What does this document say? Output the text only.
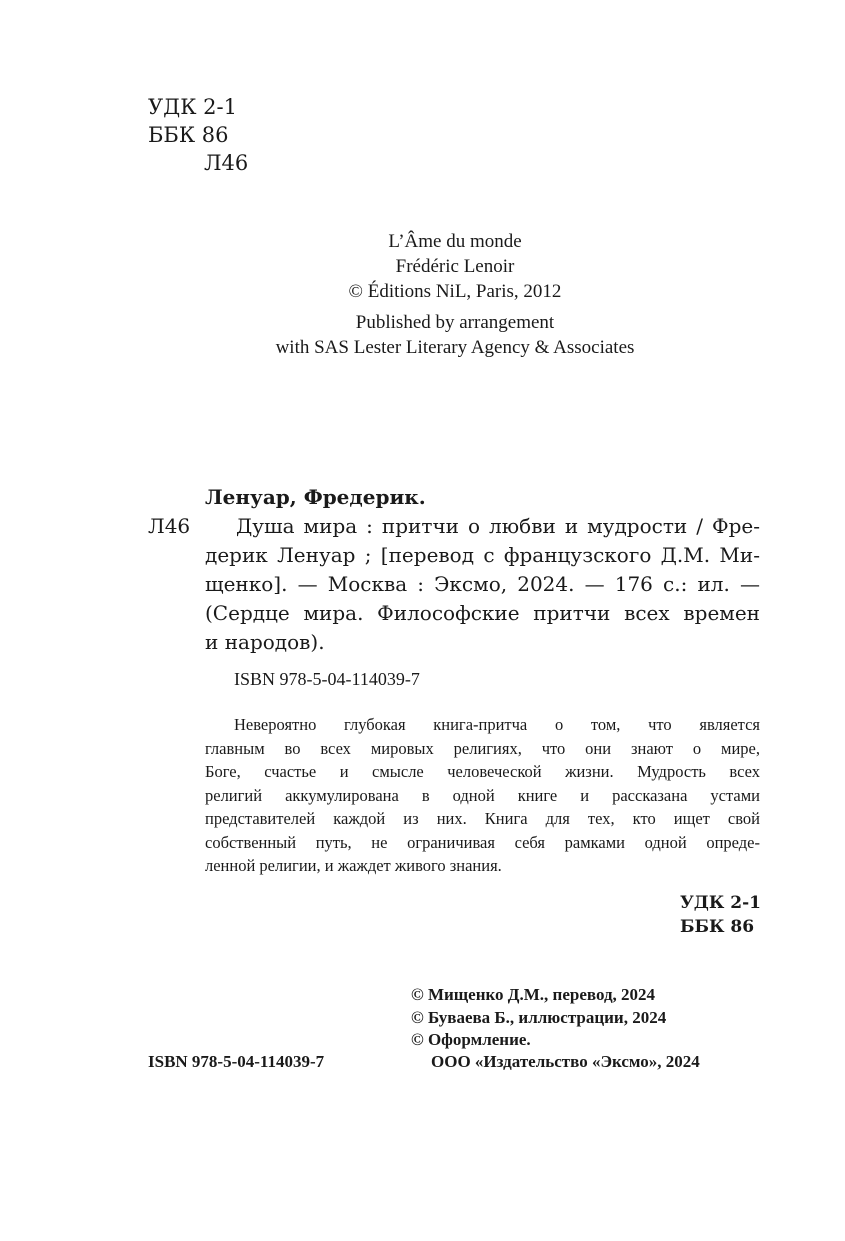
УДК 2-1
ББК 86
Л46
L’Âme du monde
Frédéric Lenoir
© Éditions NiL, Paris, 2012
Published by arrangement
with SAS Lester Literary Agency & Associates
Ленуар, Фредерик.
Л46	Душа мира : притчи о любви и мудрости / Фре-
дерик Ленуар ; [перевод с французского Д.М. Ми-
щенко]. — Москва : Эксмо, 2024. — 176 с.: ил. —
(Сердце мира. Философские притчи всех времен
и народов).
ISBN 978-5-04-114039-7
Невероятно глубокая книга-притча о том, что является
главным во всех мировых религиях, что они знают о мире,
Боге, счастье и смысле человеческой жизни. Мудрость всех
религий аккумулирована в одной книге и рассказана устами
представителей каждой из них. Книга для тех, кто ищет свой
собственный путь, не ограничивая себя рамками одной опреде-
ленной религии, и жаждет живого знания.
УДК 2-1
ББК 86
© Мищенко Д.М., перевод, 2024
© Буваева Б., иллюстрации, 2024
© Оформление.
ООО «Издательство «Эксмо», 2024
ISBN 978-5-04-114039-7
